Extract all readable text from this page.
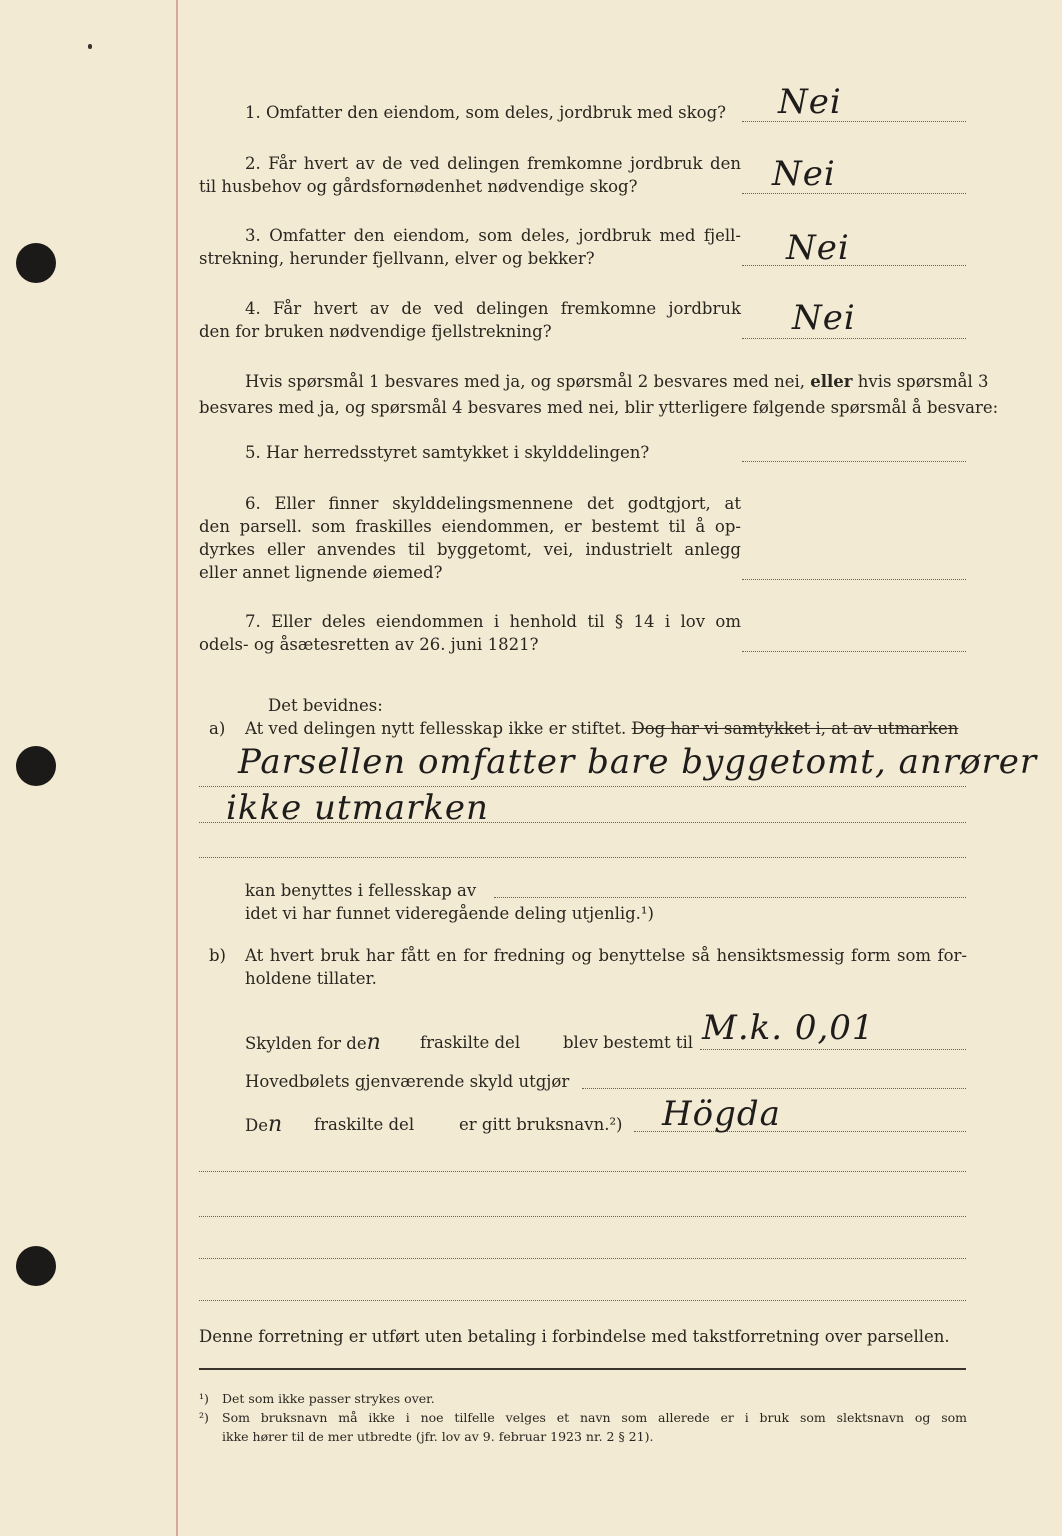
1. Omfatter den eiendom, som deles, jordbruk med skog? Nei
2. Får hvert av de ved delingen fremkomne jordbruk den
til husbehov og gårdsfornødenhet nødvendige skog?	Nei
3. Omfatter den eiendom, som deles, jordbruk med fjell-
strekning, herunder fjellvann, elver og bekker?	Nei
4. Får hvert av de ved delingen fremkomne jordbruk
den for bruken nødvendige fjellstrekning?	Nei
Hvis spørsmål 1 besvares med ja, og spørsmål 2 besvares med nei, eller hvis spørsmål 3
besvares med ja, og spørsmål 4 besvares med nei, blir ytterligere følgende spørsmål å besvare:
5. Har herredsstyret samtykket i skylddelingen?
6. Eller finner skylddelingsmennene det godtgjort, at
den parsell. som fraskilles eiendommen, er bestemt til å op-
dyrkes eller anvendes til byggetomt, vei, industrielt anlegg
eller annet lignende øiemed?
7. Eller deles eiendommen i henhold til § 14 i lov om
odels- og åsætesretten av 26. juni 1821?
Det bevidnes:
a) At ved delingen nytt fellesskap ikke er stiftet. Dog har vi samtykket i, at av utmarken
Parsellen omfatter bare byggetomt, anrører
ikke utmarken
kan benyttes i fellesskap av
idet vi har funnet videregående deling utjenlig.¹)
b) At hvert bruk har fått en for fredning og benyttelse så hensiktsmessig form som for-
holdene tillater.
Skylden for den fraskilte del	blev bestemt til M.k. 0,01
Hovedbølets gjenværende skyld utgjør
Den fraskilte del	er gitt bruksnavn.²) Högda
Denne forretning er utført uten betaling i forbindelse med takstforretning over parsellen.
¹) Det som ikke passer strykes over.
²) Som bruksnavn må ikke i noe tilfelle velges et navn som allerede er i bruk som slektsnavn og som
ikke hører til de mer utbredte (jfr. lov av 9. februar 1923 nr. 2 § 21).
